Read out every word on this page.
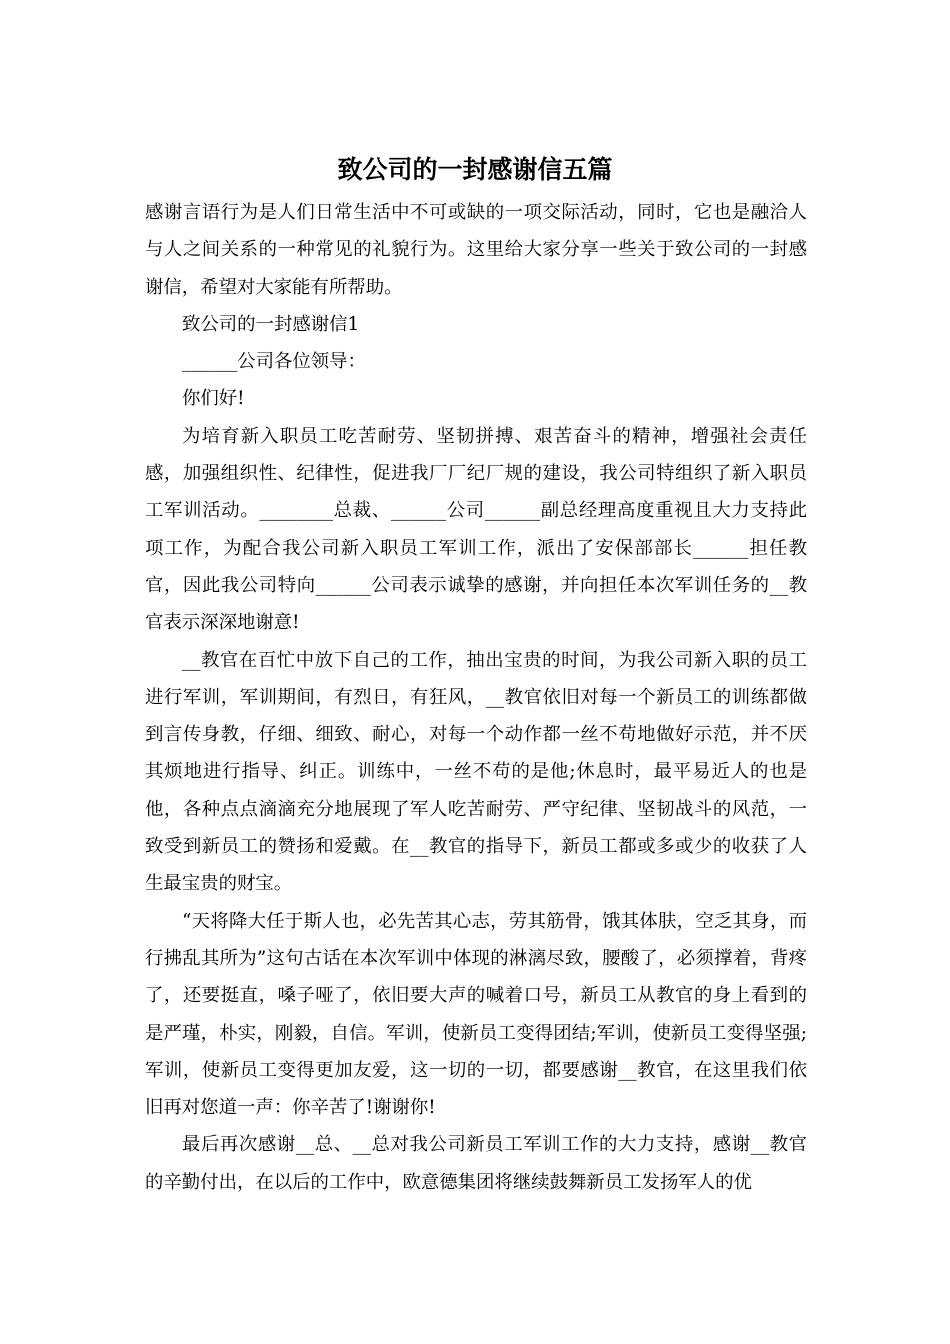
致公司的一封感谢信五篇

感谢言语行为是人们日常生活中不可或缺的一项交际活动，同时，它也是融洽人与人之间关系的一种常见的礼貌行为。这里给大家分享一些关于致公司的一封感谢信，希望对大家能有所帮助。

致公司的一封感谢信1

______公司各位领导：

你们好!

为培育新入职员工吃苦耐劳、坚韧拼搏、艰苦奋斗的精神，增强社会责任感，加强组织性、纪律性，促进我厂厂纪厂规的建设，我公司特组织了新入职员工军训活动。________总裁、______公司______副总经理高度重视且大力支持此项工作，为配合我公司新入职员工军训工作，派出了安保部部长______担任教官，因此我公司特向______公司表示诚挚的感谢，并向担任本次军训任务的__教官表示深深地谢意!

__教官在百忙中放下自己的工作，抽出宝贵的时间，为我公司新入职的员工进行军训，军训期间，有烈日，有狂风，__教官依旧对每一个新员工的训练都做到言传身教，仔细、细致、耐心，对每一个动作都一丝不苟地做好示范，并不厌其烦地进行指导、纠正。训练中，一丝不苟的是他;休息时，最平易近人的也是他，各种点点滴滴充分地展现了军人吃苦耐劳、严守纪律、坚韧战斗的风范，一致受到新员工的赞扬和爱戴。在__教官的指导下，新员工都或多或少的收获了人生最宝贵的财宝。

“天将降大任于斯人也，必先苦其心志，劳其筋骨，饿其体肤，空乏其身，而行拂乱其所为”这句古话在本次军训中体现的淋漓尽致，腰酸了，必须撑着，背疼了，还要挺直，嗓子哑了，依旧要大声的喊着口号，新员工从教官的身上看到的是严瑾，朴实，刚毅，自信。军训，使新员工变得团结;军训，使新员工变得坚强;军训，使新员工变得更加友爱，这一切的一切，都要感谢__教官，在这里我们依旧再对您道一声：你辛苦了!谢谢你!

最后再次感谢__总、__总对我公司新员工军训工作的大力支持，感谢__教官的辛勤付出，在以后的工作中，欧意德集团将继续鼓舞新员工发扬军人的优
